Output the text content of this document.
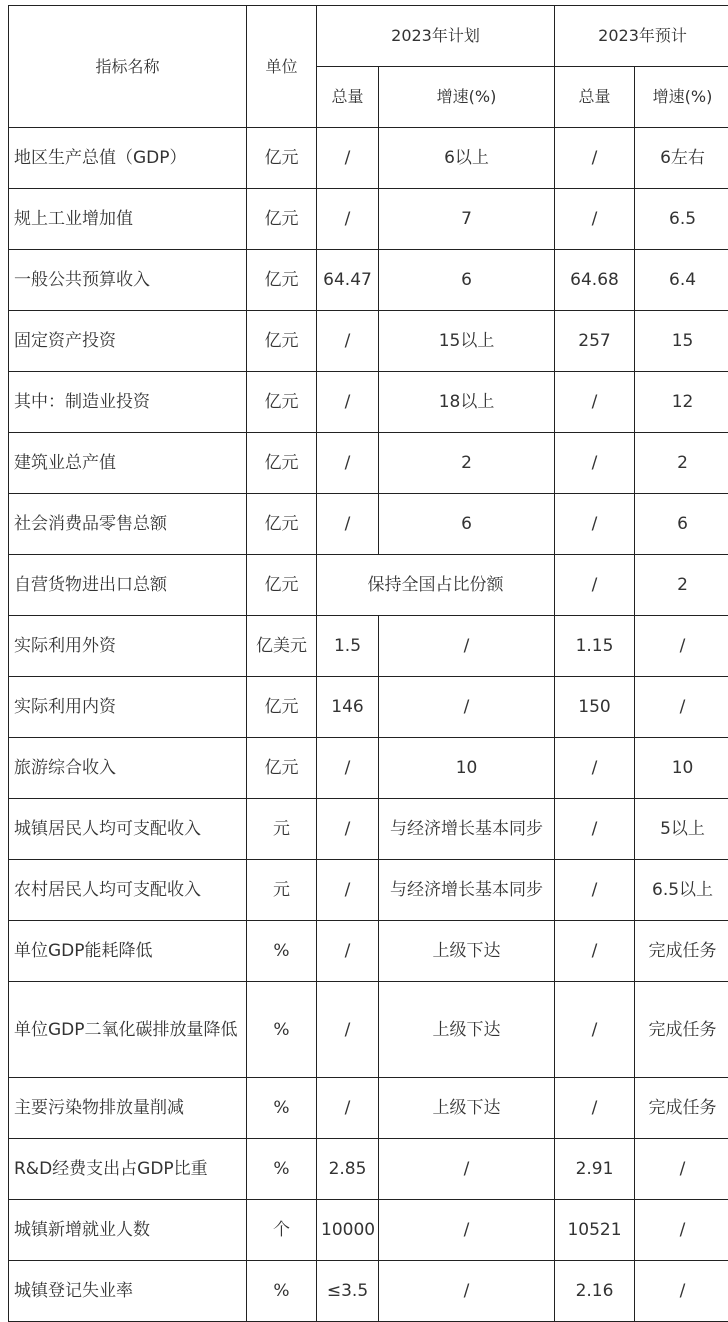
指标名称	单位	2023年计划		2023年预计	
		总量	增速(%)	总量	增速(%)
地区生产总值（GDP）	亿元	/	6以上	/	6左右
规上工业增加值	亿元	/	7	/	6.5
一般公共预算收入	亿元	64.47	6	64.68	6.4
固定资产投资	亿元	/	15以上	257	15
其中：制造业投资	亿元	/	18以上	/	12
建筑业总产值	亿元	/	2	/	2
社会消费品零售总额	亿元	/	6	/	6
自营货物进出口总额	亿元	保持全国占比份额		/	2
实际利用外资	亿美元	1.5	/	1.15	/
实际利用内资	亿元	146	/	150	/
旅游综合收入	亿元	/	10	/	10
城镇居民人均可支配收入	元	/	与经济增长基本同步	/	5以上
农村居民人均可支配收入	元	/	与经济增长基本同步	/	6.5以上
单位GDP能耗降低	%	/	上级下达	/	完成任务
单位GDP二氧化碳排放量降低	%	/	上级下达	/	完成任务
主要污染物排放量削减	%	/	上级下达	/	完成任务
R&D经费支出占GDP比重	%	2.85	/	2.91	/
城镇新增就业人数	个	10000	/	10521	/
城镇登记失业率	%	≤3.5	/	2.16	/
